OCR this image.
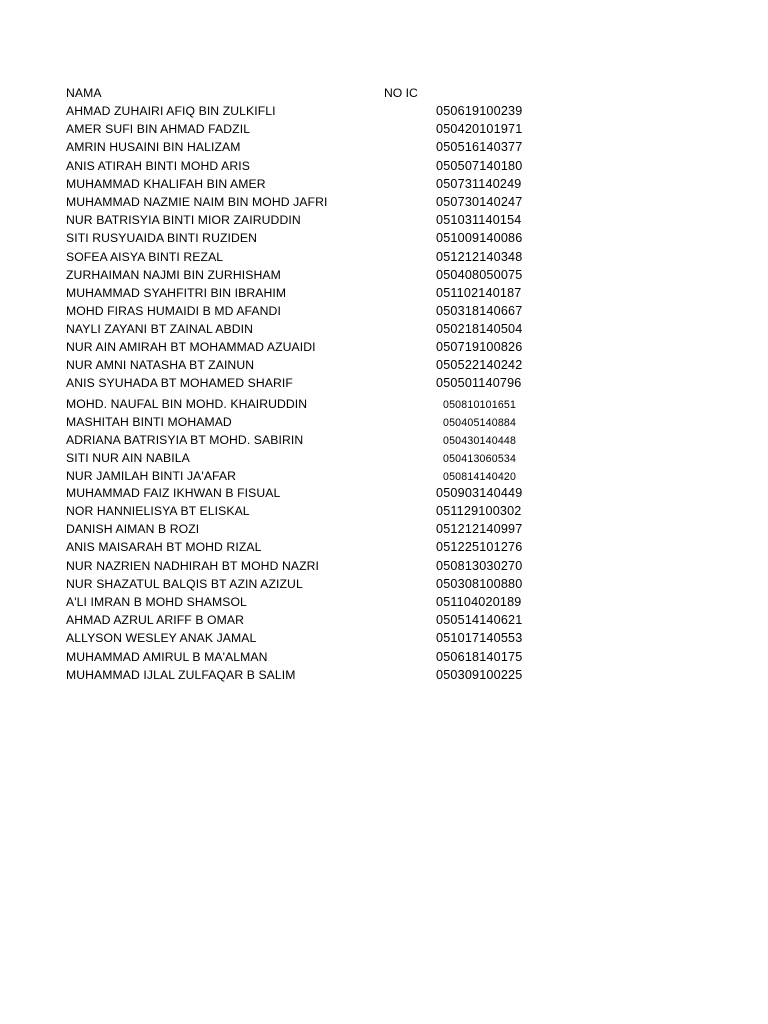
NAMA	NO IC
AHMAD ZUHAIRI AFIQ BIN ZULKIFLI	050619100239
AMER SUFI BIN AHMAD FADZIL	050420101971
AMRIN HUSAINI BIN HALIZAM	050516140377
ANIS ATIRAH BINTI MOHD ARIS	050507140180
MUHAMMAD KHALIFAH BIN AMER	050731140249
MUHAMMAD NAZMIE NAIM BIN MOHD JAFRI	050730140247
NUR BATRISYIA BINTI MIOR ZAIRUDDIN	051031140154
SITI RUSYUAIDA BINTI RUZIDEN	051009140086
SOFEA AISYA BINTI REZAL	051212140348
ZURHAIMAN NAJMI BIN ZURHISHAM	050408050075
MUHAMMAD SYAHFITRI BIN IBRAHIM	051102140187
MOHD FIRAS HUMAIDI B MD AFANDI	050318140667
NAYLI ZAYANI BT ZAINAL ABDIN	050218140504
NUR AIN AMIRAH BT MOHAMMAD AZUAIDI	050719100826
NUR AMNI NATASHA BT ZAINUN	050522140242
ANIS SYUHADA BT MOHAMED SHARIF	050501140796
MOHD. NAUFAL BIN MOHD. KHAIRUDDIN	050810101651
MASHITAH BINTI MOHAMAD	050405140884
ADRIANA BATRISYIA BT MOHD. SABIRIN	050430140448
SITI NUR AIN NABILA	050413060534
NUR JAMILAH BINTI JA'AFAR	050814140420
MUHAMMAD FAIZ IKHWAN B FISUAL	050903140449
NOR HANNIELISYA BT ELISKAL	051129100302
DANISH AIMAN B ROZI	051212140997
ANIS MAISARAH BT MOHD RIZAL	051225101276
NUR NAZRIEN NADHIRAH BT MOHD NAZRI	050813030270
NUR SHAZATUL BALQIS BT AZIN AZIZUL	050308100880
A'LI IMRAN B MOHD SHAMSOL	051104020189
AHMAD AZRUL ARIFF B OMAR	050514140621
ALLYSON WESLEY ANAK JAMAL	051017140553
MUHAMMAD AMIRUL B MA'ALMAN	050618140175
MUHAMMAD IJLAL ZULFAQAR B SALIM	050309100225
